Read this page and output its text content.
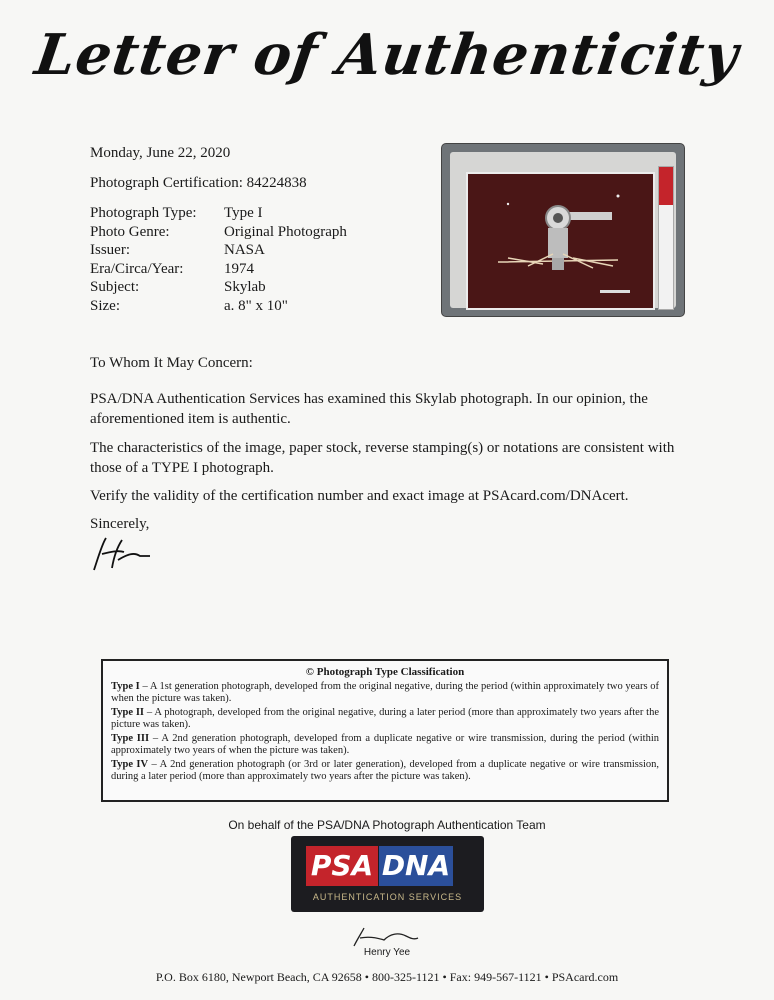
Letter of Authenticity
Monday, June 22, 2020
Photograph Certification: 84224838
Photograph Type:	Type I
Photo Genre:	Original Photograph
Issuer:	NASA
Era/Circa/Year:	1974
Subject:	Skylab
Size:	a. 8" x 10"
To Whom It May Concern:
PSA/DNA Authentication Services has examined this Skylab photograph. In our opinion, the aforementioned item is authentic.
The characteristics of the image, paper stock, reverse stamping(s) or notations are consistent with those of a TYPE I photograph.
Verify the validity of the certification number and exact image at PSAcard.com/DNAcert.
Sincerely,
© Photograph Type Classification
Type I – A 1st generation photograph, developed from the original negative, during the period (within approximately two years of when the picture was taken).
Type II – A photograph, developed from the original negative, during a later period (more than approximately two years after the picture was taken).
Type III – A 2nd generation photograph, developed from a duplicate negative or wire transmission, during the period (within approximately two years of when the picture was taken).
Type IV – A 2nd generation photograph (or 3rd or later generation), developed from a duplicate negative or wire transmission, during a later period (more than approximately two years after the picture was taken).
On behalf of the PSA/DNA Photograph Authentication Team
PSA DNA
AUTHENTICATION SERVICES
Henry Yee
P.O. Box 6180, Newport Beach, CA 92658 • 800-325-1121 • Fax: 949-567-1121 • PSAcard.com
